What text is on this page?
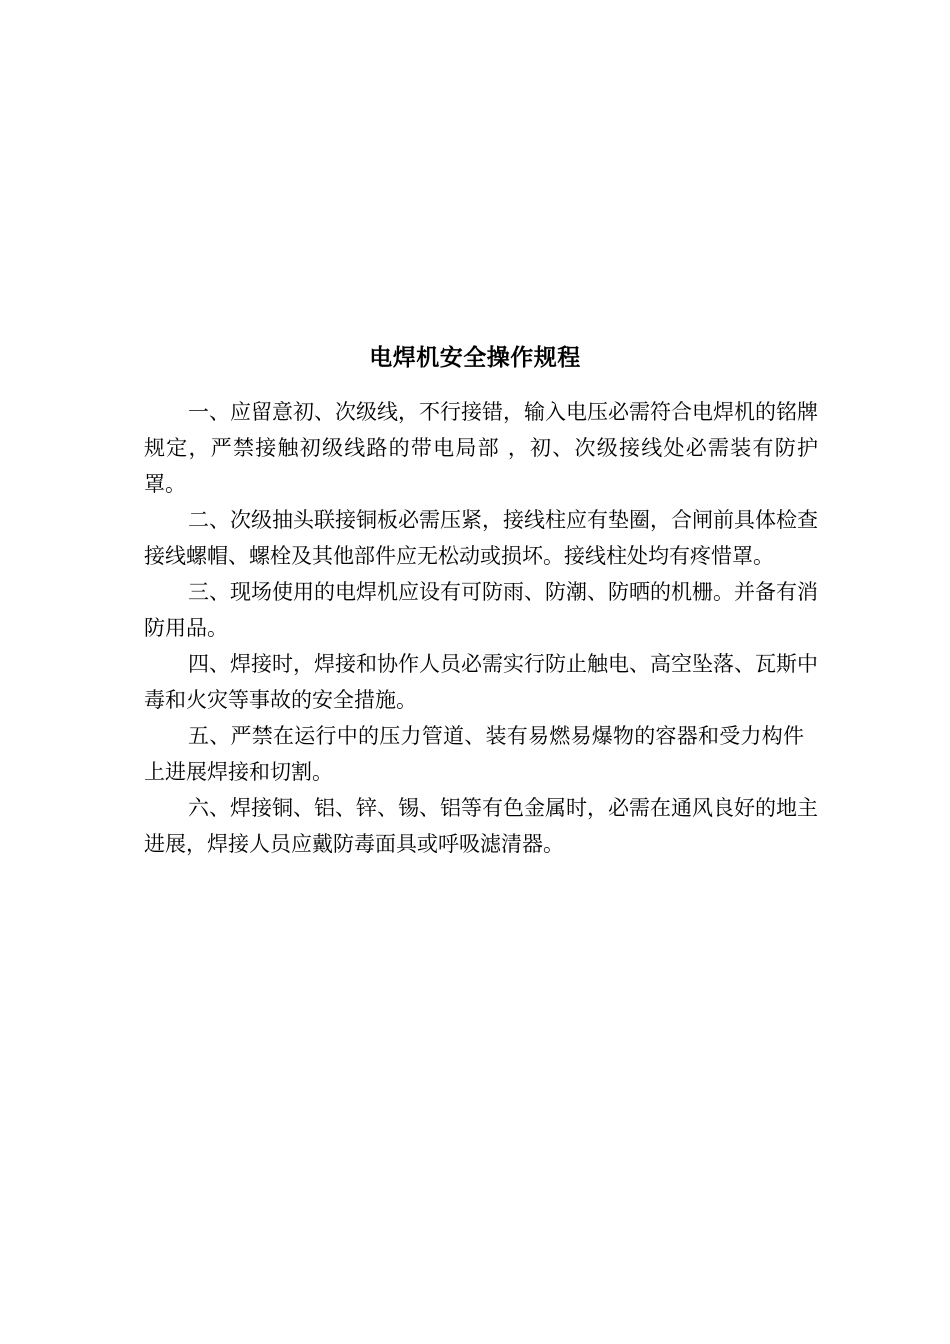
电焊机安全操作规程

一、应留意初、次级线，不行接错，输入电压必需符合电焊机的铭牌规定，严禁接触初级线路的带电局部 ，初、次级接线处必需装有防护罩。

二、次级抽头联接铜板必需压紧，接线柱应有垫圈，合闸前具体检查接线螺帽、螺栓及其他部件应无松动或损坏。接线柱处均有疼惜罩。

三、现场使用的电焊机应设有可防雨、防潮、防晒的机栅。并备有消防用品。

四、焊接时，焊接和协作人员必需实行防止触电、高空坠落、瓦斯中毒和火灾等事故的安全措施。

五、严禁在运行中的压力管道、装有易燃易爆物的容器和受力构件上进展焊接和切割。

六、焊接铜、铝、锌、锡、铝等有色金属时，必需在通风良好的地主进展，焊接人员应戴防毒面具或呼吸滤清器。
